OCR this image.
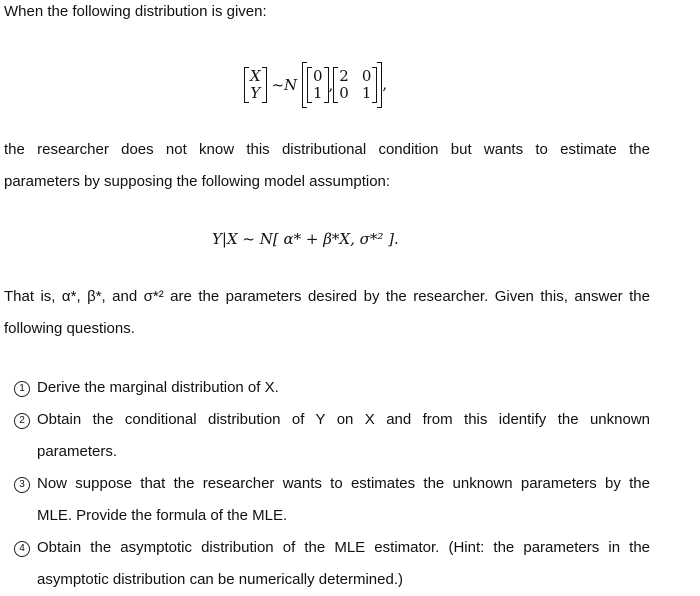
When the following distribution is given:
X
Y ~N 0
1 , 2
0
0
1 ,
the researcher does not know this distributional condition but wants to estimate the
parameters by supposing the following model assumption:
Y|X ~ N[ α* + β*X, σ*² ].
That is, α*, β*, and σ*² are the parameters desired by the researcher. Given this, answer the
following questions.
1 Derive the marginal distribution of X.
2 Obtain the conditional distribution of Y on X and from this identify the unknown
parameters.
3 Now suppose that the researcher wants to estimates the unknown parameters by the
MLE. Provide the formula of the MLE.
4 Obtain the asymptotic distribution of the MLE estimator. (Hint: the parameters in the
asymptotic distribution can be numerically determined.)
